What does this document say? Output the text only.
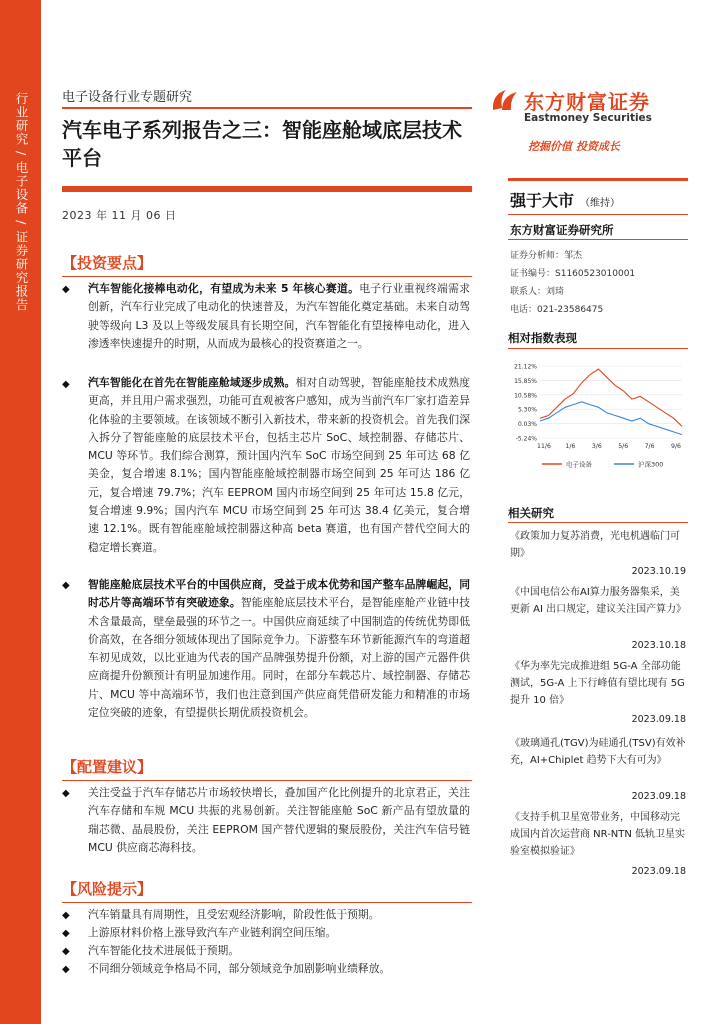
行业研究 / 电子设备 / 证券研究报告	电子设备行业专题研究
汽车电子系列报告之三：智能座舱域底层技术平台
2023 年 11 月 06 日
东方财富证券
Eastmoney Securities
挖掘价值 投资成长
强于大市 （维持）
东方财富证券研究所
证券分析师：邹杰
证书编号：S1160523010001
联系人：刘琦
电话：021-23586475
相对指数表现
21.12%
15.85%
10.58%
5.30%
0.03%
-5.24%
11/6 1/6	3/6	5/6	7/6	9/6
电子设备	沪深300
相关研究
《政策加力复苏消费，光电机遇临门可期》
2023.10.19
《中国电信公布AI算力服务器集采，美更新 AI 出口规定，建议关注国产算力》
2023.10.18
《华为率先完成推进组 5G-A 全部功能测试，5G-A 上下行峰值有望比现有 5G 提升 10 倍》
2023.09.18
《玻璃通孔(TGV)为硅通孔(TSV)有效补充，AI+Chiplet 趋势下大有可为》
2023.09.18
《支持手机卫星宽带业务，中国移动完成国内首次运营商 NR-NTN 低轨卫星实验室模拟验证》
2023.09.18
【投资要点】
◆ 汽车智能化接棒电动化，有望成为未来 5 年核心赛道。电子行业重视终端需求创新，汽车行业完成了电动化的快速普及，为汽车智能化奠定基础。未来自动驾驶等级向 L3 及以上等级发展具有长期空间，汽车智能化有望接棒电动化，进入渗透率快速提升的时期，从而成为最核心的投资赛道之一。
◆ 汽车智能化在首先在智能座舱域逐步成熟。相对自动驾驶，智能座舱技术成熟度更高，并且用户需求强烈，功能可直观被客户感知，成为当前汽车厂家打造差异化体验的主要领域。在该领域不断引入新技术，带来新的投资机会。首先我们深入拆分了智能座舱的底层技术平台，包括主芯片 SoC、域控制器、存储芯片、MCU 等环节。我们综合测算，预计国内汽车 SoC 市场空间到 25 年可达 68 亿美金，复合增速 8.1%；国内智能座舱域控制器市场空间到 25 年可达 186 亿元，复合增速 79.7%；汽车 EEPROM 国内市场空间到 25 年可达 15.8 亿元，复合增速 9.9%；国内汽车 MCU 市场空间到 25 年可达 38.4 亿美元，复合增速 12.1%。既有智能座舱域控制器这种高 beta 赛道，也有国产替代空间大的稳定增长赛道。
◆ 智能座舱底层技术平台的中国供应商，受益于成本优势和国产整车品牌崛起，同时芯片等高端环节有突破迹象。智能座舱底层技术平台，是智能座舱产业链中技术含量最高，壁垒最强的环节之一。中国供应商延续了中国制造的传统优势即低价高效，在各细分领域体现出了国际竞争力。下游整车环节新能源汽车的弯道超车初见成效，以比亚迪为代表的国产品牌强势提升份额，对上游的国产元器件供应商提升份额预计有明显加速作用。同时，在部分车载芯片、域控制器、存储芯片、MCU 等中高端环节，我们也注意到国产供应商凭借研发能力和精准的市场定位突破的迹象，有望提供长期优质投资机会。
【配置建议】
◆ 关注受益于汽车存储芯片市场较快增长，叠加国产化比例提升的北京君正，关注汽车存储和车规 MCU 共振的兆易创新。关注智能座舱 SoC 新产品有望放量的瑞芯微、晶晨股份，关注 EEPROM 国产替代逻辑的聚辰股份，关注汽车信号链 MCU 供应商芯海科技。
【风险提示】
◆ 汽车销量具有周期性，且受宏观经济影响，阶段性低于预期。
◆ 上游原材料价格上涨导致汽车产业链利润空间压缩。
◆ 汽车智能化技术进展低于预期。
◆ 不同细分领域竞争格局不同，部分领域竞争加剧影响业绩释放。
